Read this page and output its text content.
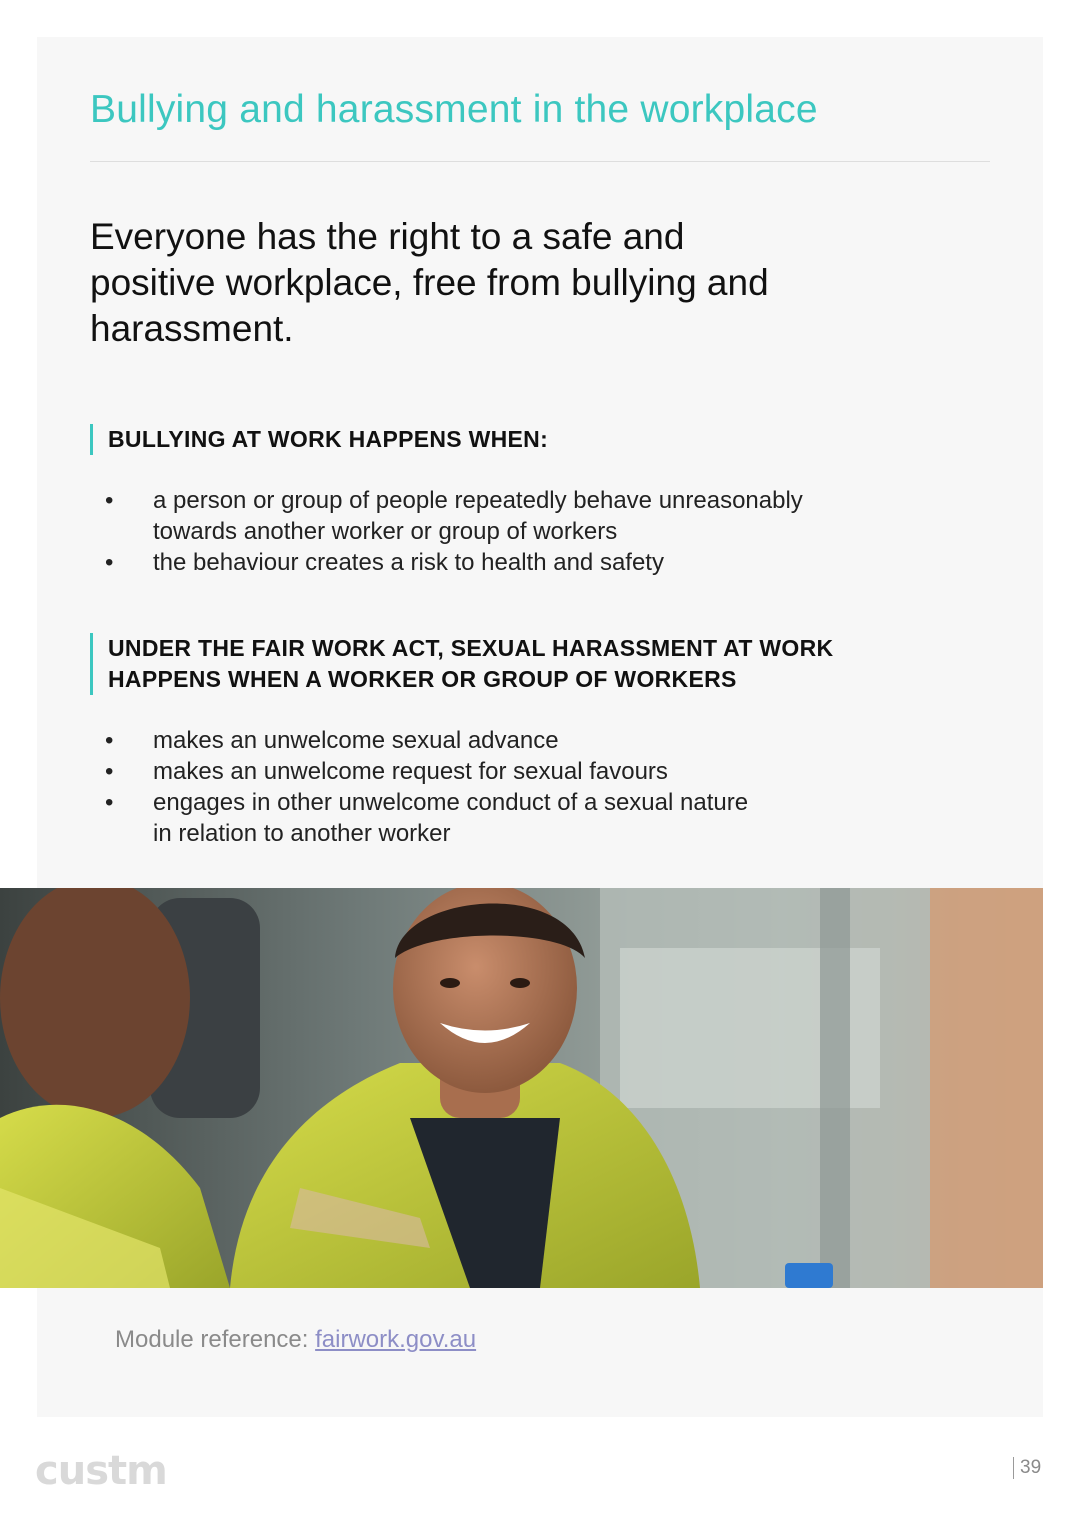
Bullying and harassment in the workplace

Everyone has the right to a safe and positive workplace, free from bullying and harassment.

BULLYING AT WORK HAPPENS WHEN:
• a person or group of people repeatedly behave unreasonably towards another worker or group of workers
• the behaviour creates a risk to health and safety
UNDER THE FAIR WORK ACT, SEXUAL HARASSMENT AT WORK HAPPENS WHEN A WORKER OR GROUP OF WORKERS
• makes an unwelcome sexual advance
• makes an unwelcome request for sexual favours
• engages in other unwelcome conduct of a sexual nature in relation to another worker
Module reference: fairwork.gov.au
custm	39
